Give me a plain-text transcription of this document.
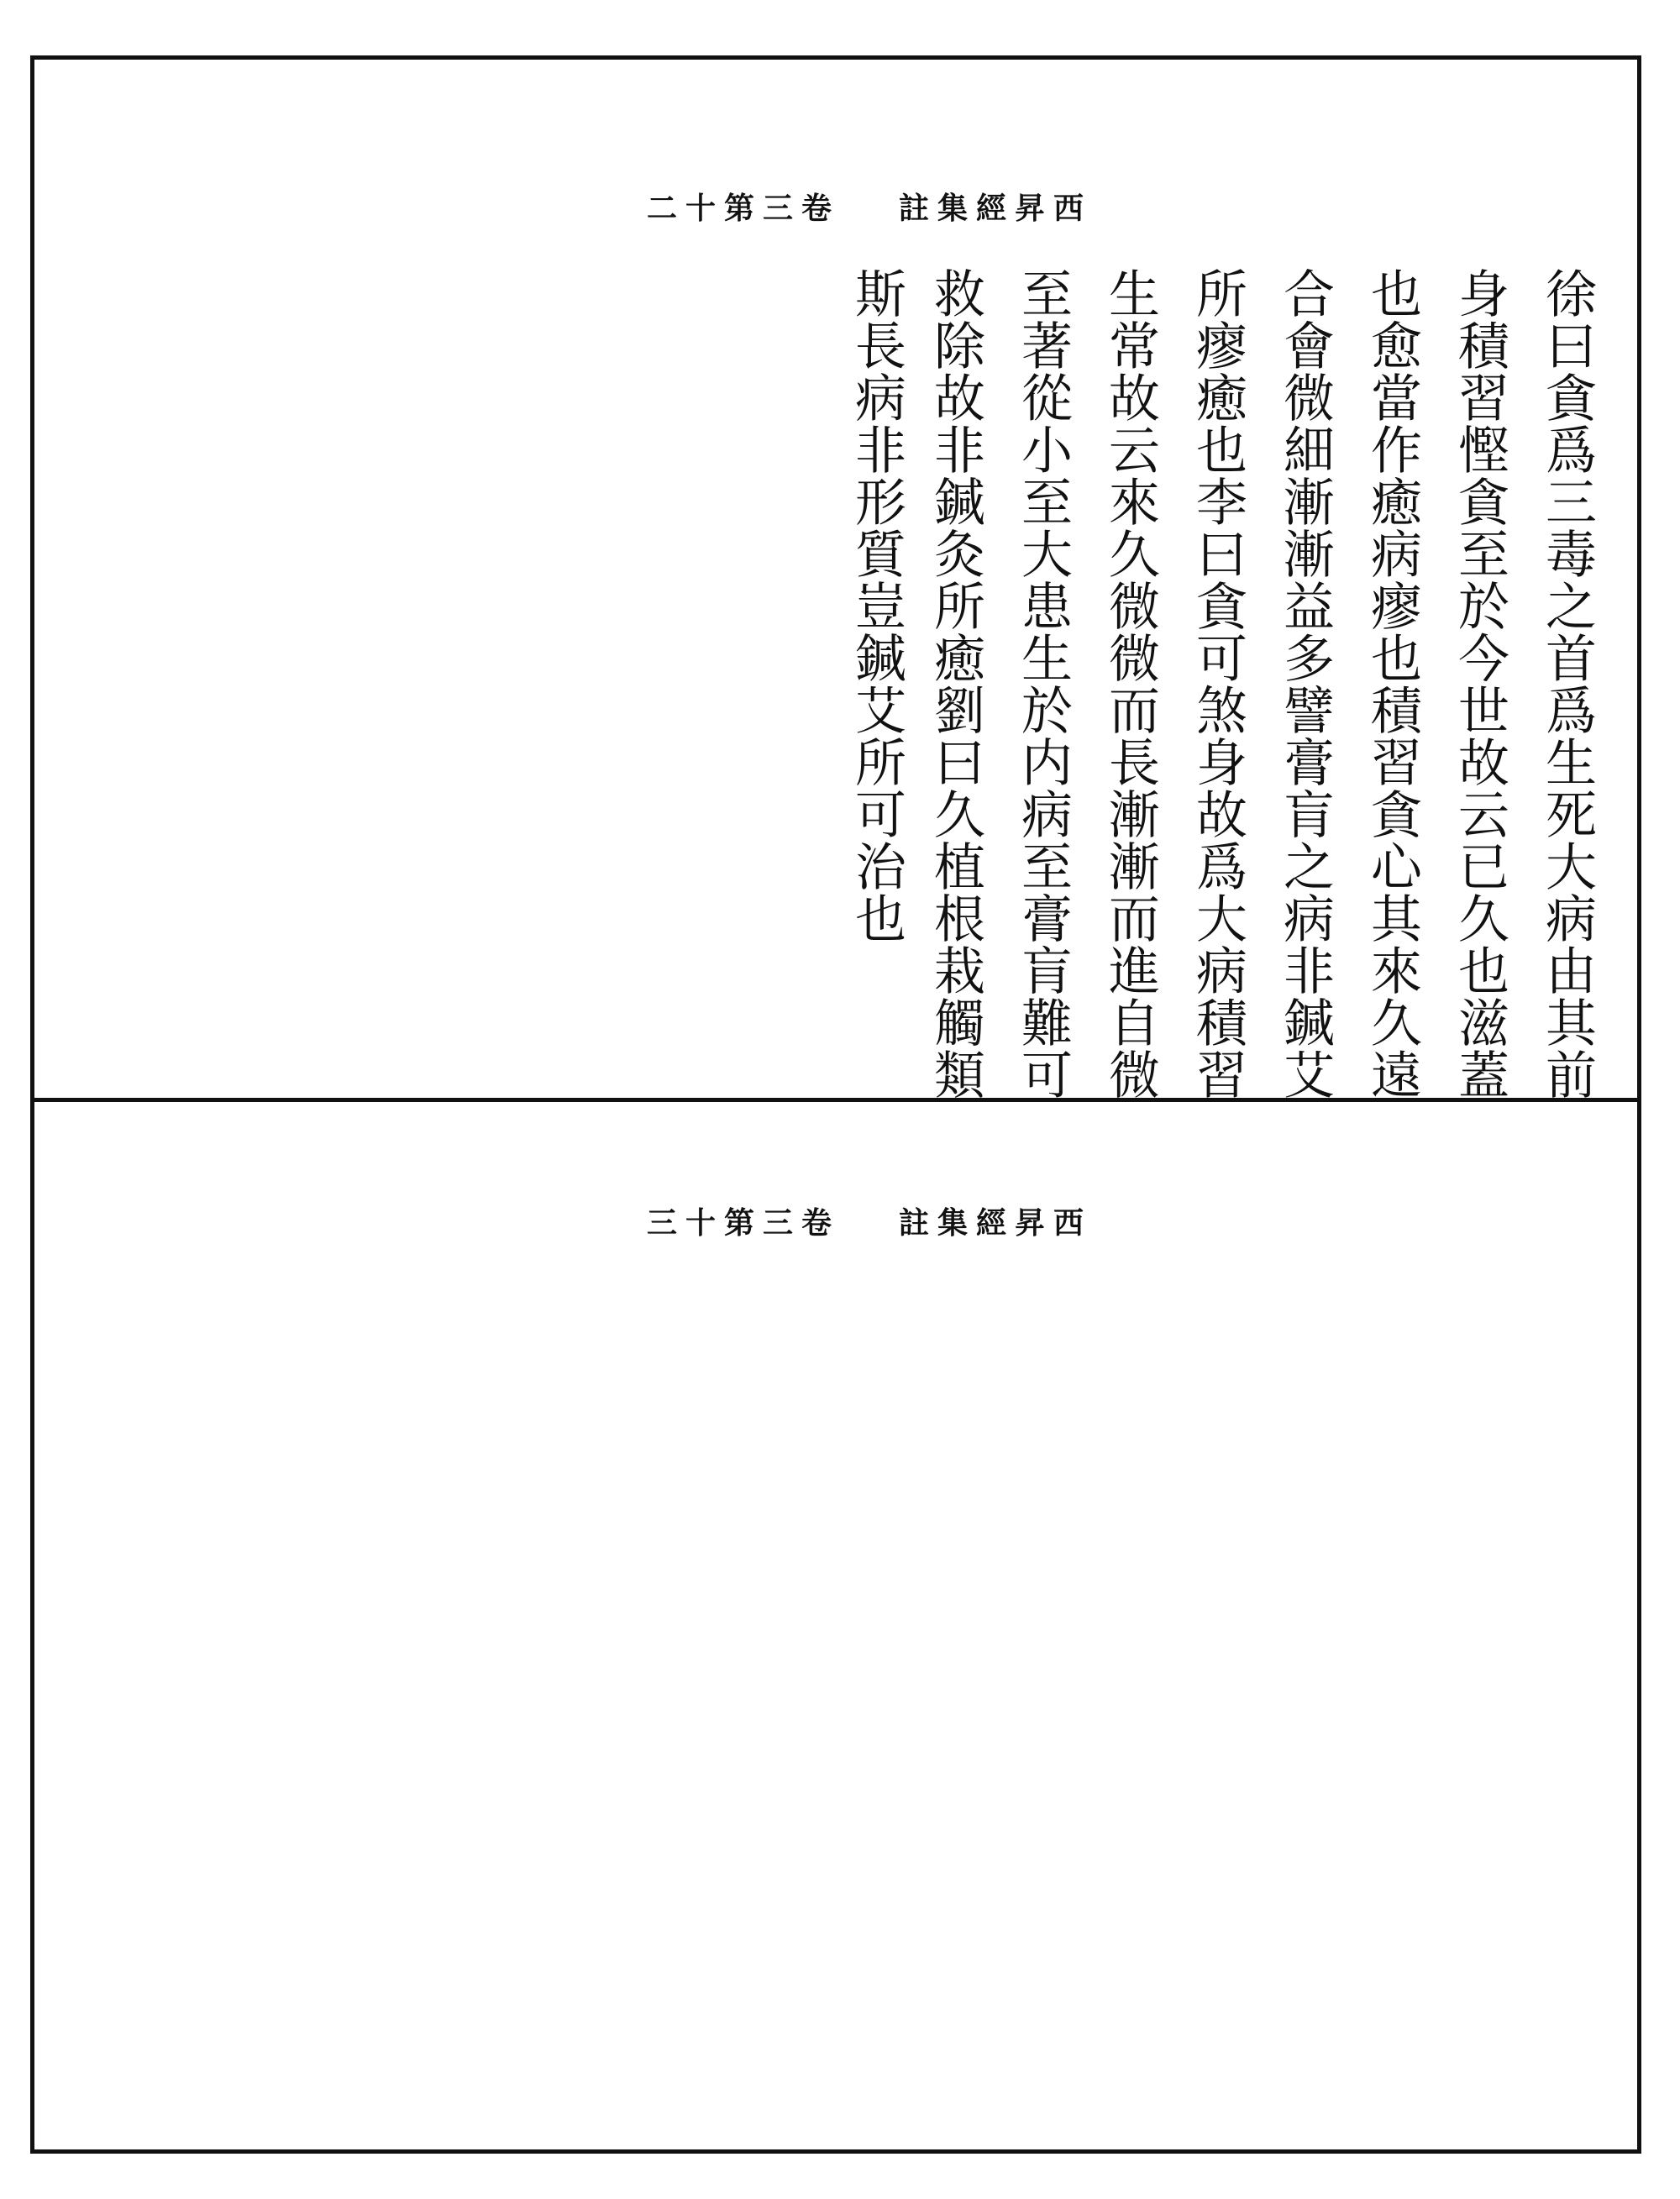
西昇經集註卷三第十二
西昇經集註卷三第十三
徐曰貪爲三毒之首爲生死大病由其前
身積習慳貪至於今世故云已久也滋蓋
也愈當作癒病瘳也積習貪心其來久遠
合會微細漸漸益多譬膏肓之病非鍼艾
所瘳癒也李曰貪可煞身故爲大病積習
生常故云來久微微而長漸漸而進自微
至著從小至大患生於内病至膏肓難可
救除故非鍼灸所癒劉曰久植根栽觸類
斯長病非形質豈鍼艾所可治也
